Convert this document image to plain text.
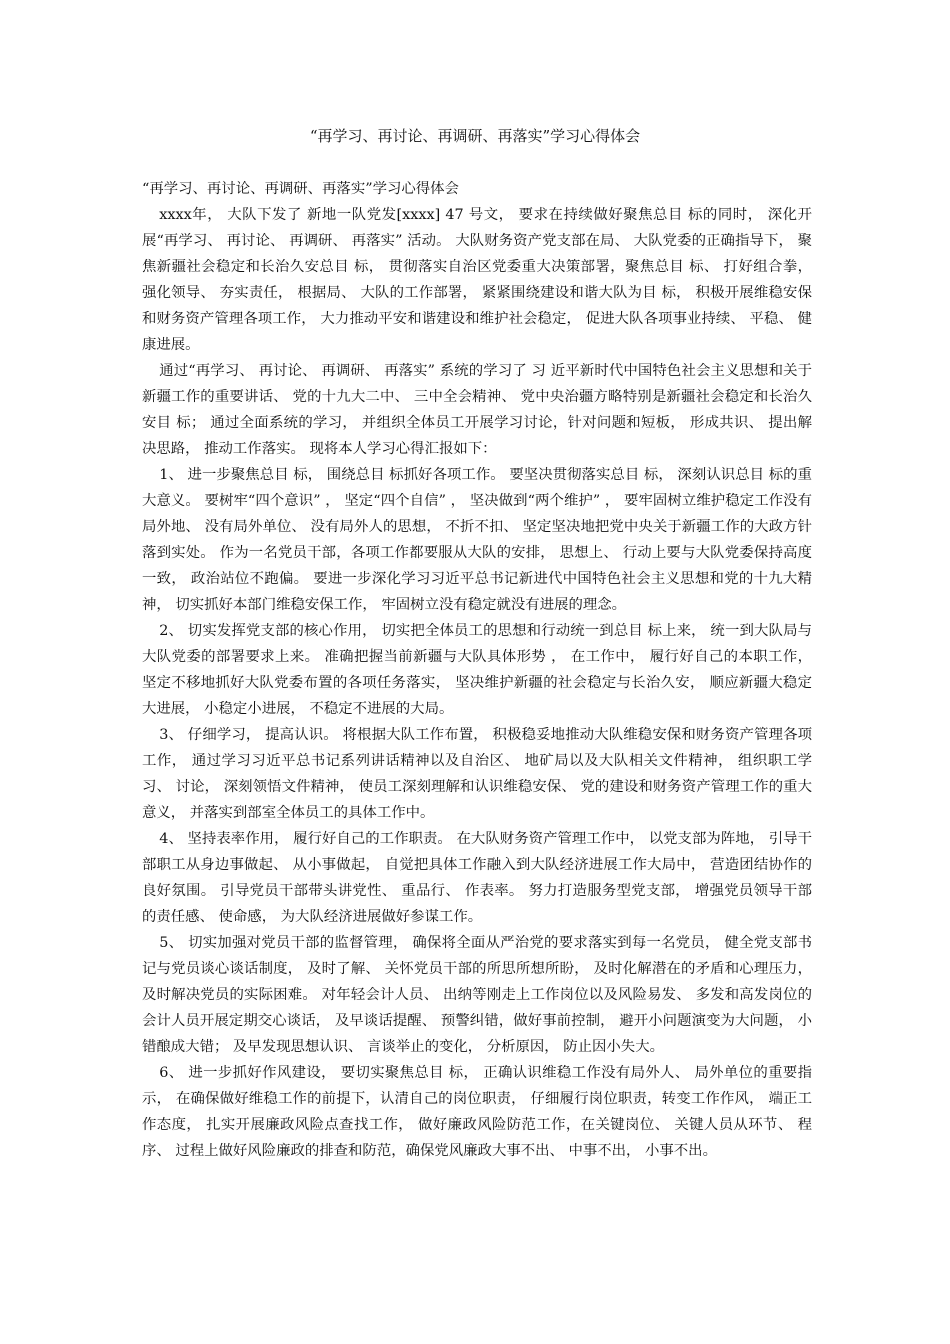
“再学习、再讨论、再调研、再落实”学习心得体会

“再学习、再讨论、再调研、再落实”学习心得体会

xxxx年， 大队下发了 新地一队党发[xxxx] 47 号文， 要求在持续做好聚焦总目 标的同时， 深化开展“再学习、 再讨论、 再调研、 再落实” 活动。 大队财务资产党支部在局、 大队党委的正确指导下， 聚焦新疆社会稳定和长治久安总目 标， 贯彻落实自治区党委重大决策部署，聚焦总目 标、 打好组合拳， 强化领导、 夯实责任， 根据局、 大队的工作部署， 紧紧围绕建设和谐大队为目 标， 积极开展维稳安保和财务资产管理各项工作， 大力推动平安和谐建设和维护社会稳定， 促进大队各项事业持续、 平稳、 健康进展。

通过“再学习、 再讨论、 再调研、 再落实” 系统的学习了 习 近平新时代中国特色社会主义思想和关于新疆工作的重要讲话、 党的十九大二中、 三中全会精神、 党中央治疆方略特别是新疆社会稳定和长治久安目 标； 通过全面系统的学习， 并组织全体员工开展学习讨论，针对问题和短板， 形成共识、 提出解决思路， 推动工作落实。 现将本人学习心得汇报如下：

1、 进一步聚焦总目 标， 围绕总目 标抓好各项工作。 要坚决贯彻落实总目 标， 深刻认识总目 标的重大意义。 要树牢“四个意识” ， 坚定“四个自信” ， 坚决做到“两个维护” ， 要牢固树立维护稳定工作没有局外地、 没有局外单位、 没有局外人的思想， 不折不扣、 坚定坚决地把党中央关于新疆工作的大政方针落到实处。 作为一名党员干部，各项工作都要服从大队的安排， 思想上、 行动上要与大队党委保持高度一致， 政治站位不跑偏。 要进一步深化学习习近平总书记新进代中国特色社会主义思想和党的十九大精神， 切实抓好本部门维稳安保工作， 牢固树立没有稳定就没有进展的理念。

2、 切实发挥党支部的核心作用， 切实把全体员工的思想和行动统一到总目 标上来， 统一到大队局与大队党委的部署要求上来。 准确把握当前新疆与大队具体形势 ， 在工作中， 履行好自己的本职工作， 坚定不移地抓好大队党委布置的各项任务落实， 坚决维护新疆的社会稳定与长治久安， 顺应新疆大稳定大进展， 小稳定小进展， 不稳定不进展的大局。

3、 仔细学习， 提高认识。 将根据大队工作布置， 积极稳妥地推动大队维稳安保和财务资产管理各项工作， 通过学习习近平总书记系列讲话精神以及自治区、 地矿局以及大队相关文件精神， 组织职工学习、 讨论， 深刻领悟文件精神， 使员工深刻理解和认识维稳安保、 党的建设和财务资产管理工作的重大意义， 并落实到部室全体员工的具体工作中。

4、 坚持表率作用， 履行好自己的工作职责。 在大队财务资产管理工作中， 以党支部为阵地， 引导干部职工从身边事做起、 从小事做起， 自觉把具体工作融入到大队经济进展工作大局中， 营造团结协作的良好氛围。 引导党员干部带头讲党性、 重品行、 作表率。 努力打造服务型党支部， 增强党员领导干部的责任感、 使命感， 为大队经济进展做好参谋工作。

5、 切实加强对党员干部的监督管理， 确保将全面从严治党的要求落实到每一名党员， 健全党支部书记与党员谈心谈话制度， 及时了解、 关怀党员干部的所思所想所盼， 及时化解潜在的矛盾和心理压力，及时解决党员的实际困难。 对年轻会计人员、 出纳等刚走上工作岗位以及风险易发、 多发和高发岗位的会计人员开展定期交心谈话， 及早谈话提醒、 预警纠错，做好事前控制， 避开小问题演变为大问题， 小错酿成大错； 及早发现思想认识、 言谈举止的变化， 分析原因， 防止因小失大。

6、 进一步抓好作风建设， 要切实聚焦总目 标， 正确认识维稳工作没有局外人、 局外单位的重要指示， 在确保做好维稳工作的前提下，认清自己的岗位职责， 仔细履行岗位职责，转变工作作风， 端正工作态度， 扎实开展廉政风险点查找工作， 做好廉政风险防范工作，在关键岗位、 关键人员从环节、 程序、 过程上做好风险廉政的排查和防范，确保党风廉政大事不出、 中事不出， 小事不出。
